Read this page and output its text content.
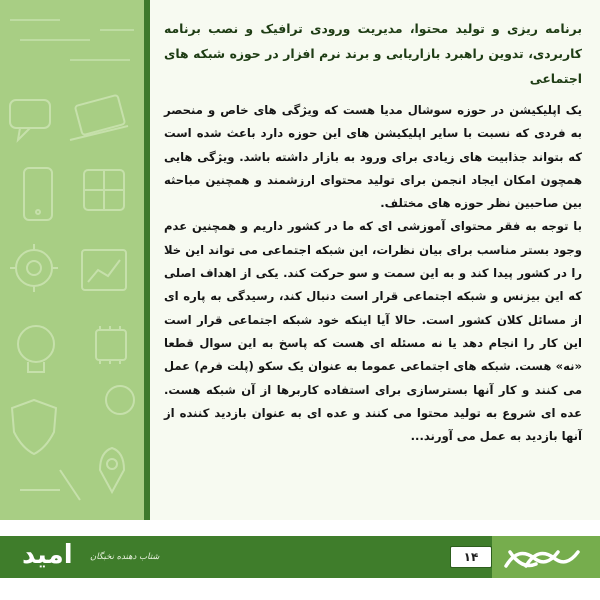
برنامه ریزی و تولید محتوا، مدیریت ورودی ترافیک و نصب برنامه کاربردی، تدوین راهبرد بازاریابی و برند نرم افزار در حوزه شبکه های اجتماعی

یک اپلیکیشن در حوزه سوشال مدیا هست که ویژگی های خاص و منحصر به فردی که نسبت با سایر اپلیکیشن های این حوزه دارد باعث شده است که بتواند جذابیت های زیادی برای ورود به بازار داشته باشد. ویژگی هایی همچون امکان ایجاد انجمن برای تولید محتوای ارزشمند و همچنین مباحثه بین صاحبین نظر حوزه های مختلف.

با توجه به فقر محتوای آموزشی ای که ما در کشور داریم و همچنین عدم وجود بستر مناسب برای بیان نظرات، این شبکه اجتماعی می تواند این خلا را در کشور پیدا کند و به این سمت و سو حرکت کند. یکی از اهداف اصلی که این بیزنس و شبکه اجتماعی قرار است دنبال کند، رسیدگی به پاره ای از مسائل کلان کشور است. حالا آیا اینکه خود شبکه اجتماعی قرار است این کار را انجام دهد یا نه مسئله ای هست که پاسخ به این سوال قطعا «نه» هست. شبکه های اجتماعی عموما به عنوان یک سکو (پلت فرم) عمل می کنند و کار آنها بسترسازی برای استفاده کاربرها از آن شبکه هست. عده ای شروع به تولید محتوا می کنند و عده ای به عنوان بازدید کننده از آنها بازدید به عمل می آورند...

امید شتاب دهنده نخبگان	۱۴
